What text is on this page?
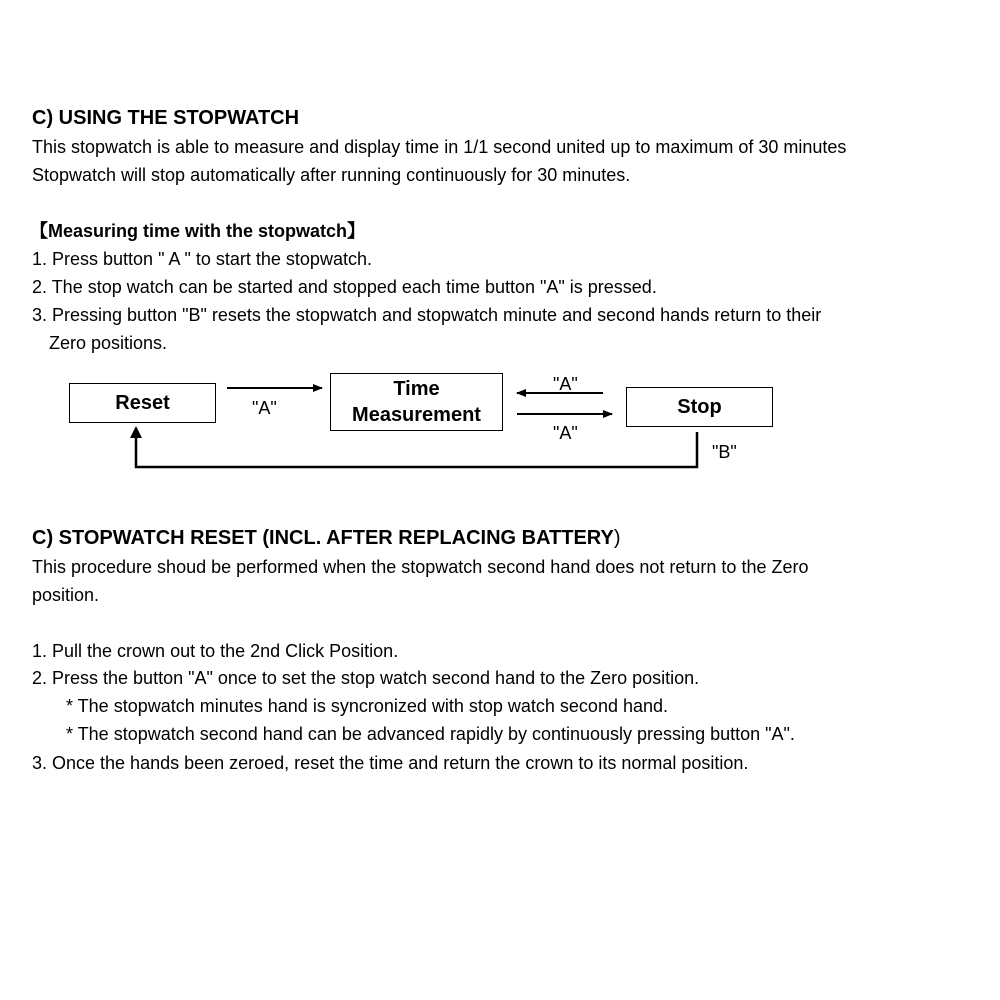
C) USING THE STOPWATCH
This stopwatch is able to measure and display time in 1/1 second united up to maximum of 30 minutes
Stopwatch will stop automatically after running continuously for 30 minutes.
【Measuring time with the stopwatch】
1. Press button " A " to start the stopwatch.
2. The stop watch can be started and stopped each time button "A" is pressed.
3. Pressing button "B" resets the stopwatch and stopwatch minute and second hands return to their
Zero positions.
Reset
Time
Measurement	Stop
"A"
"A"
"A"
"B"
C) STOPWATCH RESET (INCL. AFTER REPLACING BATTERY)
This procedure shoud be performed when the stopwatch second hand does not return to the Zero
position.
1. Pull the crown out to the 2nd Click Position.
2. Press the button "A" once to set the stop watch second hand to the Zero position.
* The stopwatch minutes hand is syncronized with stop watch second hand.
* The stopwatch second hand can be advanced rapidly by continuously pressing button "A".
3. Once the hands been zeroed, reset the time and return the crown to its normal position.
